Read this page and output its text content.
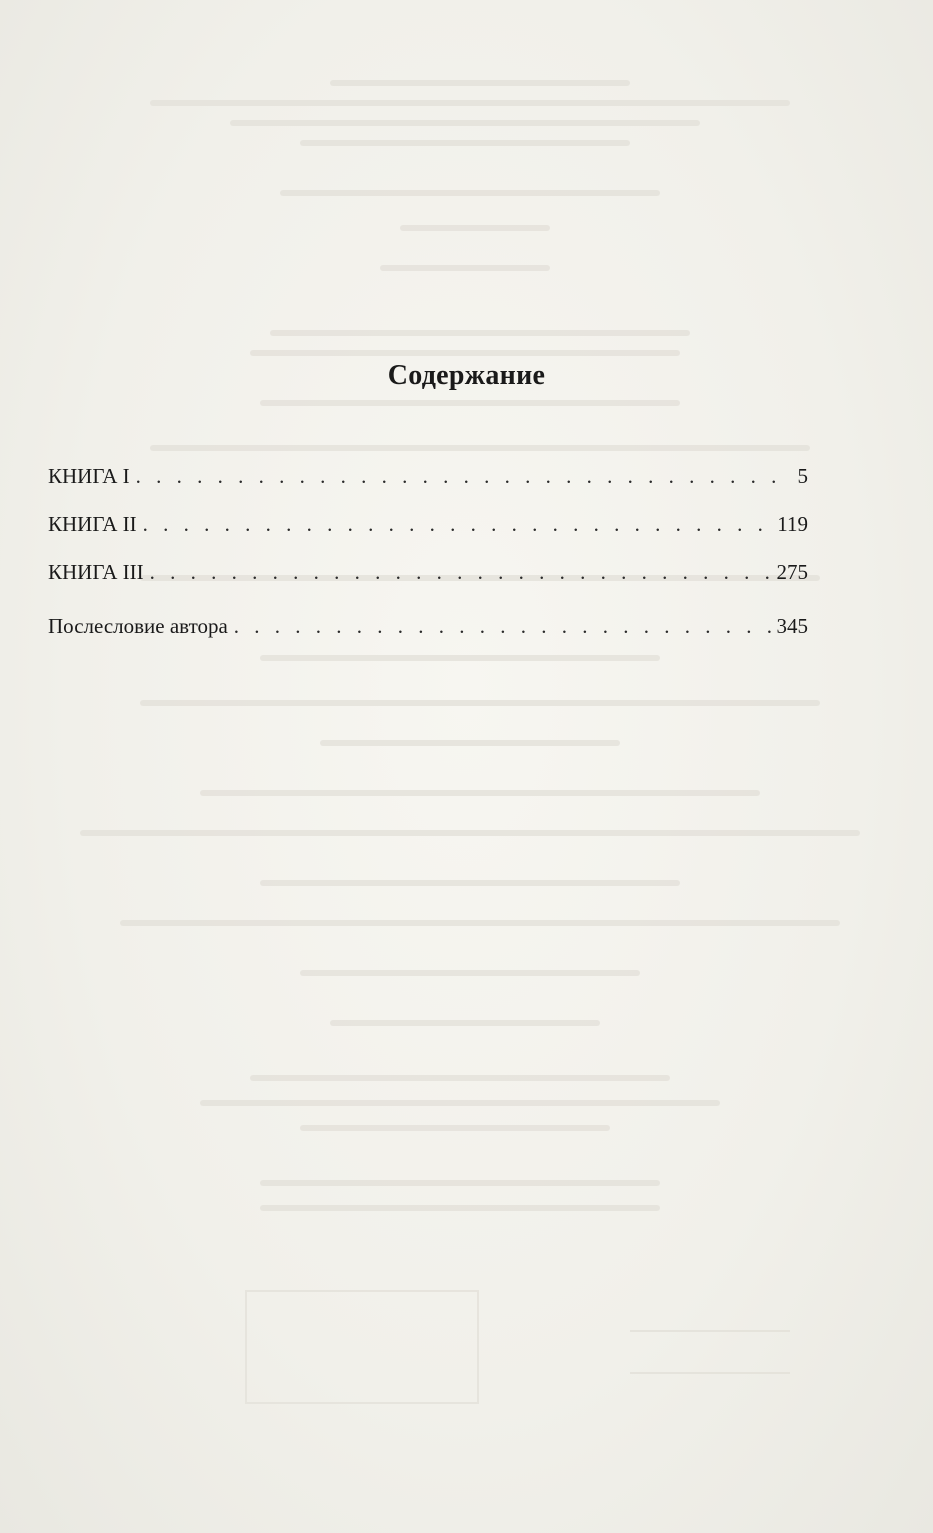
Содержание
КНИГА I . . .	5
КНИГА II . . .	119
КНИГА III . . .	275
Послесловие автора . . .	345
